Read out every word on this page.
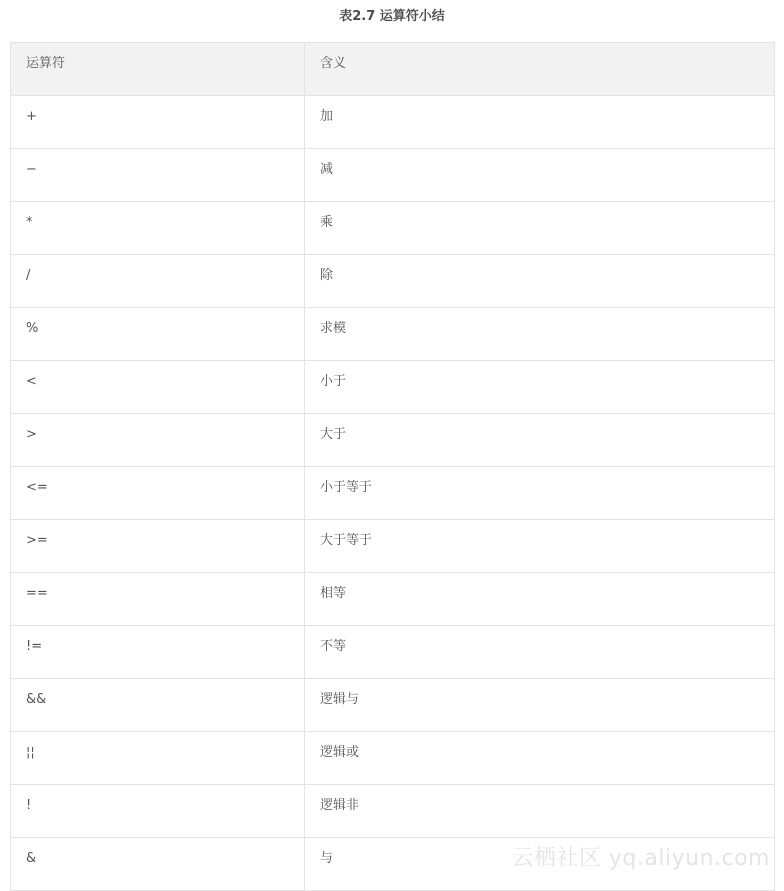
表2.7 运算符小结
运算符	含义

+	加

−	减

*	乘

/	除

%	求模

<	小于

>	大于

<=	小于等于

>=	大于等于

==	相等

!=	不等

&&	逻辑与

¦¦	逻辑或

!	逻辑非

&	与	云栖社区 yq.aliyun.com
